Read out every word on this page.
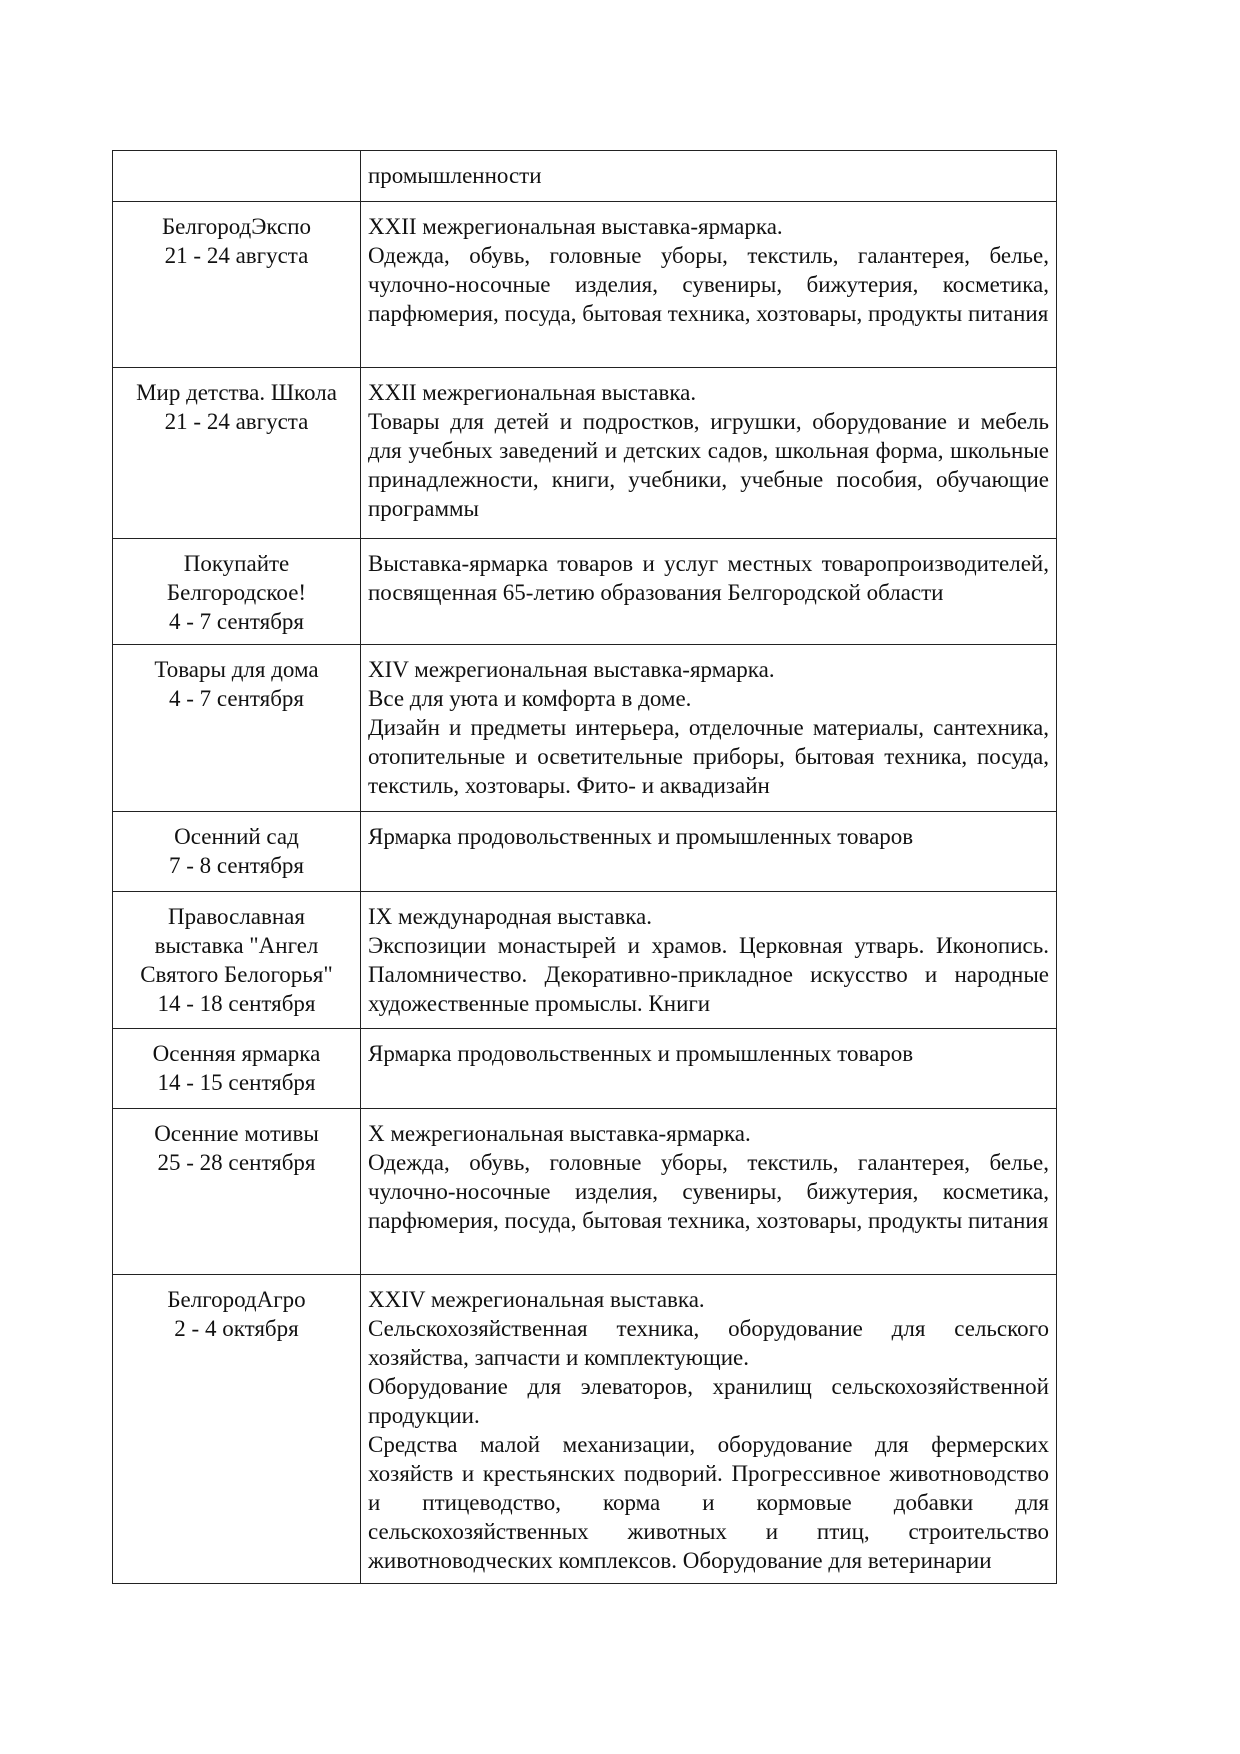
	промышленности

БелгородЭкспо
21 - 24 августа	XXII межрегиональная выставка-ярмарка.
Одежда, обувь, головные уборы, текстиль, галантерея, белье, чулочно-носочные изделия, сувениры, бижутерия, косметика, парфюмерия, посуда, бытовая техника, хозтовары, продукты питания

Мир детства. Школа
21 - 24 августа	XXII межрегиональная выставка.
Товары для детей и подростков, игрушки, оборудование и мебель для учебных заведений и детских садов, школьная форма, школьные принадлежности, книги, учебники, учебные пособия, обучающие программы

Покупайте
Белгородское!
4 - 7 сентября	Выставка-ярмарка товаров и услуг местных товаропроизводителей, посвященная 65-летию образования Белгородской области

Товары для дома
4 - 7 сентября	XIV межрегиональная выставка-ярмарка.
Все для уюта и комфорта в доме.
Дизайн и предметы интерьера, отделочные материалы, сантехника, отопительные и осветительные приборы, бытовая техника, посуда, текстиль, хозтовары. Фито- и аквадизайн

Осенний сад
7 - 8 сентября	Ярмарка продовольственных и промышленных товаров

Православная
выставка "Ангел
Святого Белогорья"
14 - 18 сентября	IX международная выставка.
Экспозиции монастырей и храмов. Церковная утварь. Иконопись. Паломничество. Декоративно-прикладное искусство и народные художественные промыслы. Книги

Осенняя ярмарка
14 - 15 сентября	Ярмарка продовольственных и промышленных товаров

Осенние мотивы
25 - 28 сентября	X межрегиональная выставка-ярмарка.
Одежда, обувь, головные уборы, текстиль, галантерея, белье, чулочно-носочные изделия, сувениры, бижутерия, косметика, парфюмерия, посуда, бытовая техника, хозтовары, продукты питания

БелгородАгро
2 - 4 октября	XXIV межрегиональная выставка.
Сельскохозяйственная техника, оборудование для сельского хозяйства, запчасти и комплектующие.
Оборудование для элеваторов, хранилищ сельскохозяйственной продукции.
Средства малой механизации, оборудование для фермерских хозяйств и крестьянских подворий. Прогрессивное животноводство и птицеводство, корма и кормовые добавки для сельскохозяйственных животных и птиц, строительство животноводческих комплексов. Оборудование для ветеринарии
